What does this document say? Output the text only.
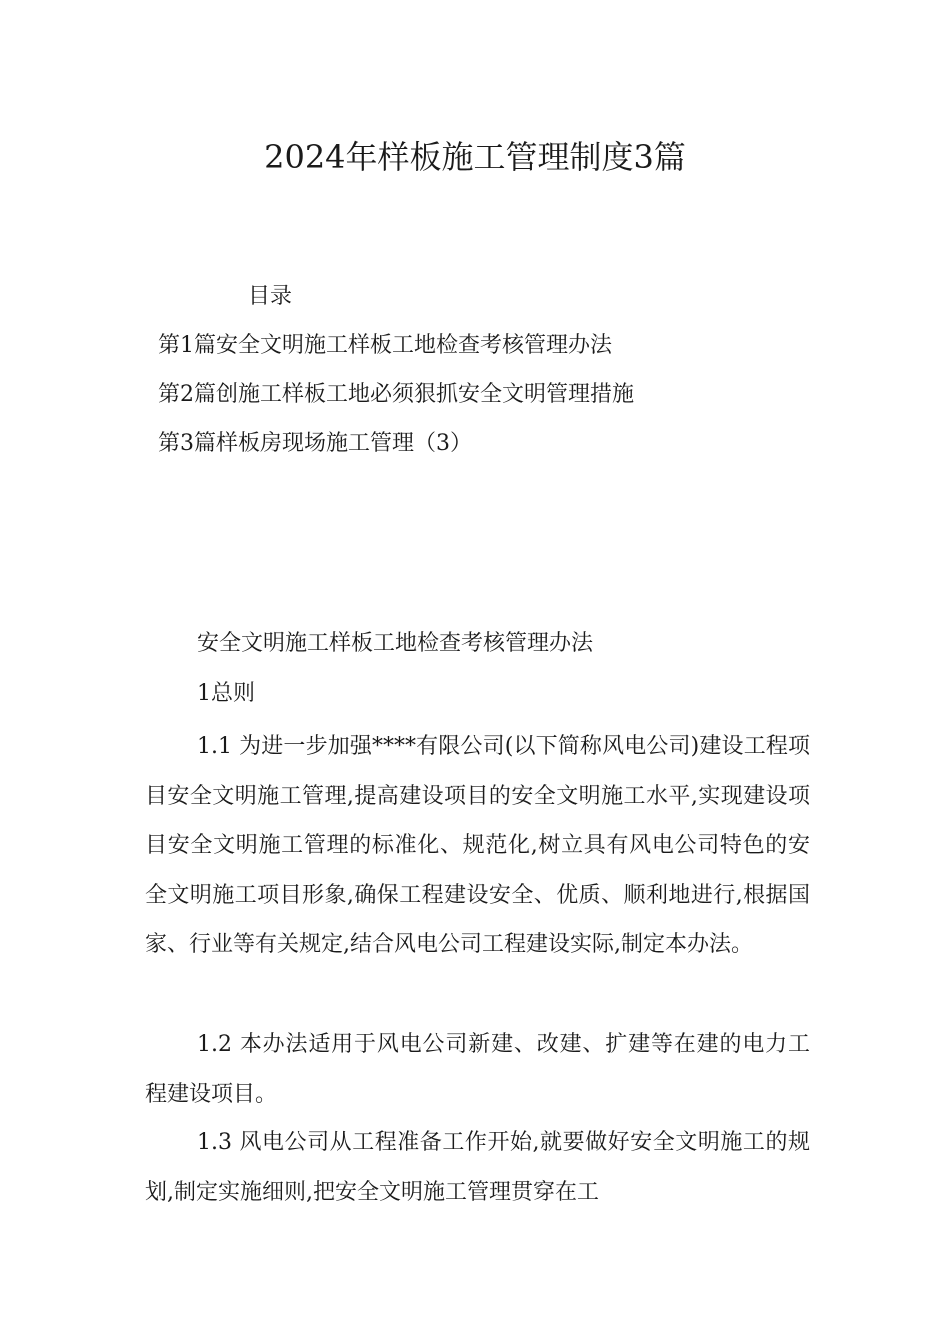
2024年样板施工管理制度3篇
目录
第1篇安全文明施工样板工地检查考核管理办法
第2篇创施工样板工地必须狠抓安全文明管理措施
第3篇样板房现场施工管理（3）
安全文明施工样板工地检查考核管理办法
1总则
1.1 为进一步加强****有限公司(以下简称风电公司)建设工程项目安全文明施工管理,提高建设项目的安全文明施工水平,实现建设项目安全文明施工管理的标准化、规范化,树立具有风电公司特色的安全文明施工项目形象,确保工程建设安全、优质、顺利地进行,根据国家、行业等有关规定,结合风电公司工程建设实际,制定本办法。
1.2 本办法适用于风电公司新建、改建、扩建等在建的电力工程建设项目。
1.3 风电公司从工程准备工作开始,就要做好安全文明施工的规划,制定实施细则,把安全文明施工管理贯穿在工
